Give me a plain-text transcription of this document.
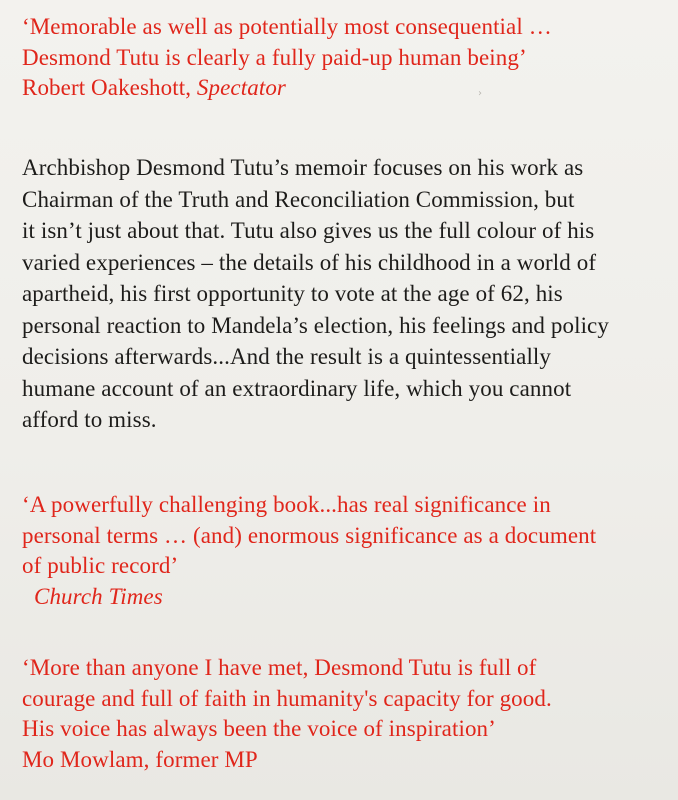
‘Memorable as well as potentially most consequential …
Desmond Tutu is clearly a fully paid-up human being’
Robert Oakeshott, Spectator	›
Archbishop Desmond Tutu’s memoir focuses on his work as
Chairman of the Truth and Reconciliation Commission, but
it isn’t just about that. Tutu also gives us the full colour of his
varied experiences – the details of his childhood in a world of
apartheid, his first opportunity to vote at the age of 62, his
personal reaction to Mandela’s election, his feelings and policy
decisions afterwards...And the result is a quintessentially
humane account of an extraordinary life, which you cannot
afford to miss.
‘A powerfully challenging book...has real significance in
personal terms … (and) enormous significance as a document
of public record’
Church Times
‘More than anyone I have met, Desmond Tutu is full of
courage and full of faith in humanity's capacity for good.
His voice has always been the voice of inspiration’
Mo Mowlam, former MP
